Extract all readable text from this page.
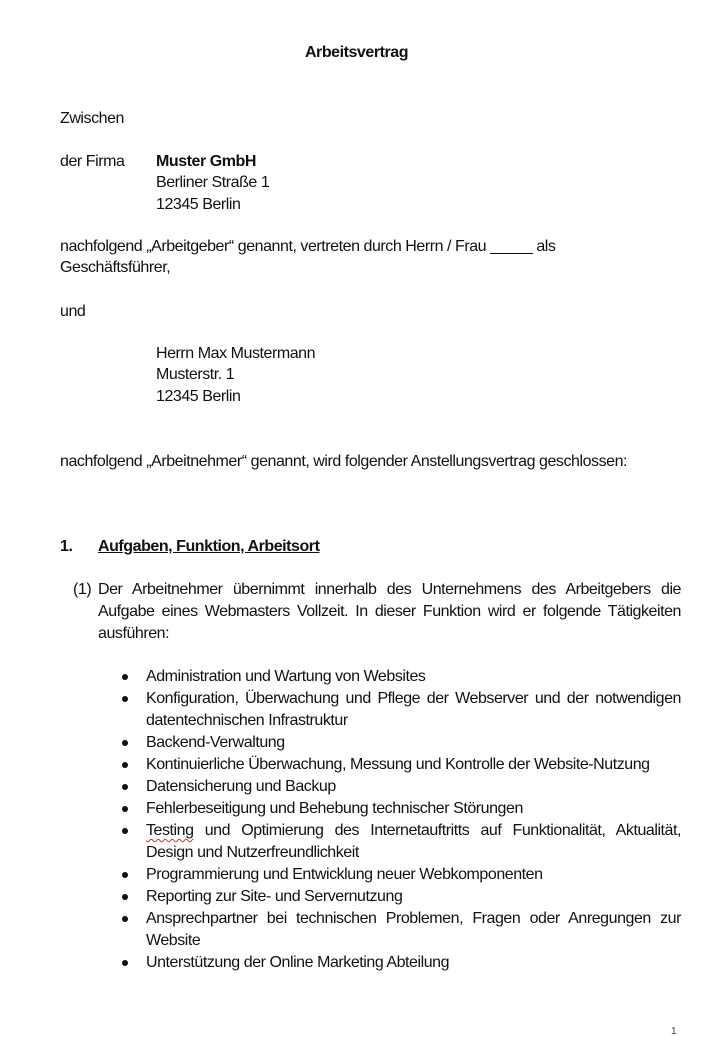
Arbeitsvertrag
Zwischen
der Firma Muster GmbH
Berliner Straße 1
12345 Berlin
nachfolgend „Arbeitgeber“ genannt, vertreten durch Herrn / Frau _____ als
Geschäftsführer,
und
Herrn Max Mustermann
Musterstr. 1
12345 Berlin
nachfolgend „Arbeitnehmer“ genannt, wird folgender Anstellungsvertrag geschlossen:
1. Aufgaben, Funktion, Arbeitsort
(1) Der Arbeitnehmer übernimmt innerhalb des Unternehmens des Arbeitgebers die Aufgabe eines Webmasters Vollzeit. In dieser Funktion wird er folgende Tätigkeiten ausführen:
Administration und Wartung von Websites
Konfiguration, Überwachung und Pflege der Webserver und der notwendigen datentechnischen Infrastruktur
Backend-Verwaltung
Kontinuierliche Überwachung, Messung und Kontrolle der Website-Nutzung
Datensicherung und Backup
Fehlerbeseitigung und Behebung technischer Störungen
Testing und Optimierung des Internetauftritts auf Funktionalität, Aktualität, Design und Nutzerfreundlichkeit
Programmierung und Entwicklung neuer Webkomponenten
Reporting zur Site- und Servernutzung
Ansprechpartner bei technischen Problemen, Fragen oder Anregungen zur Website
Unterstützung der Online Marketing Abteilung
1
